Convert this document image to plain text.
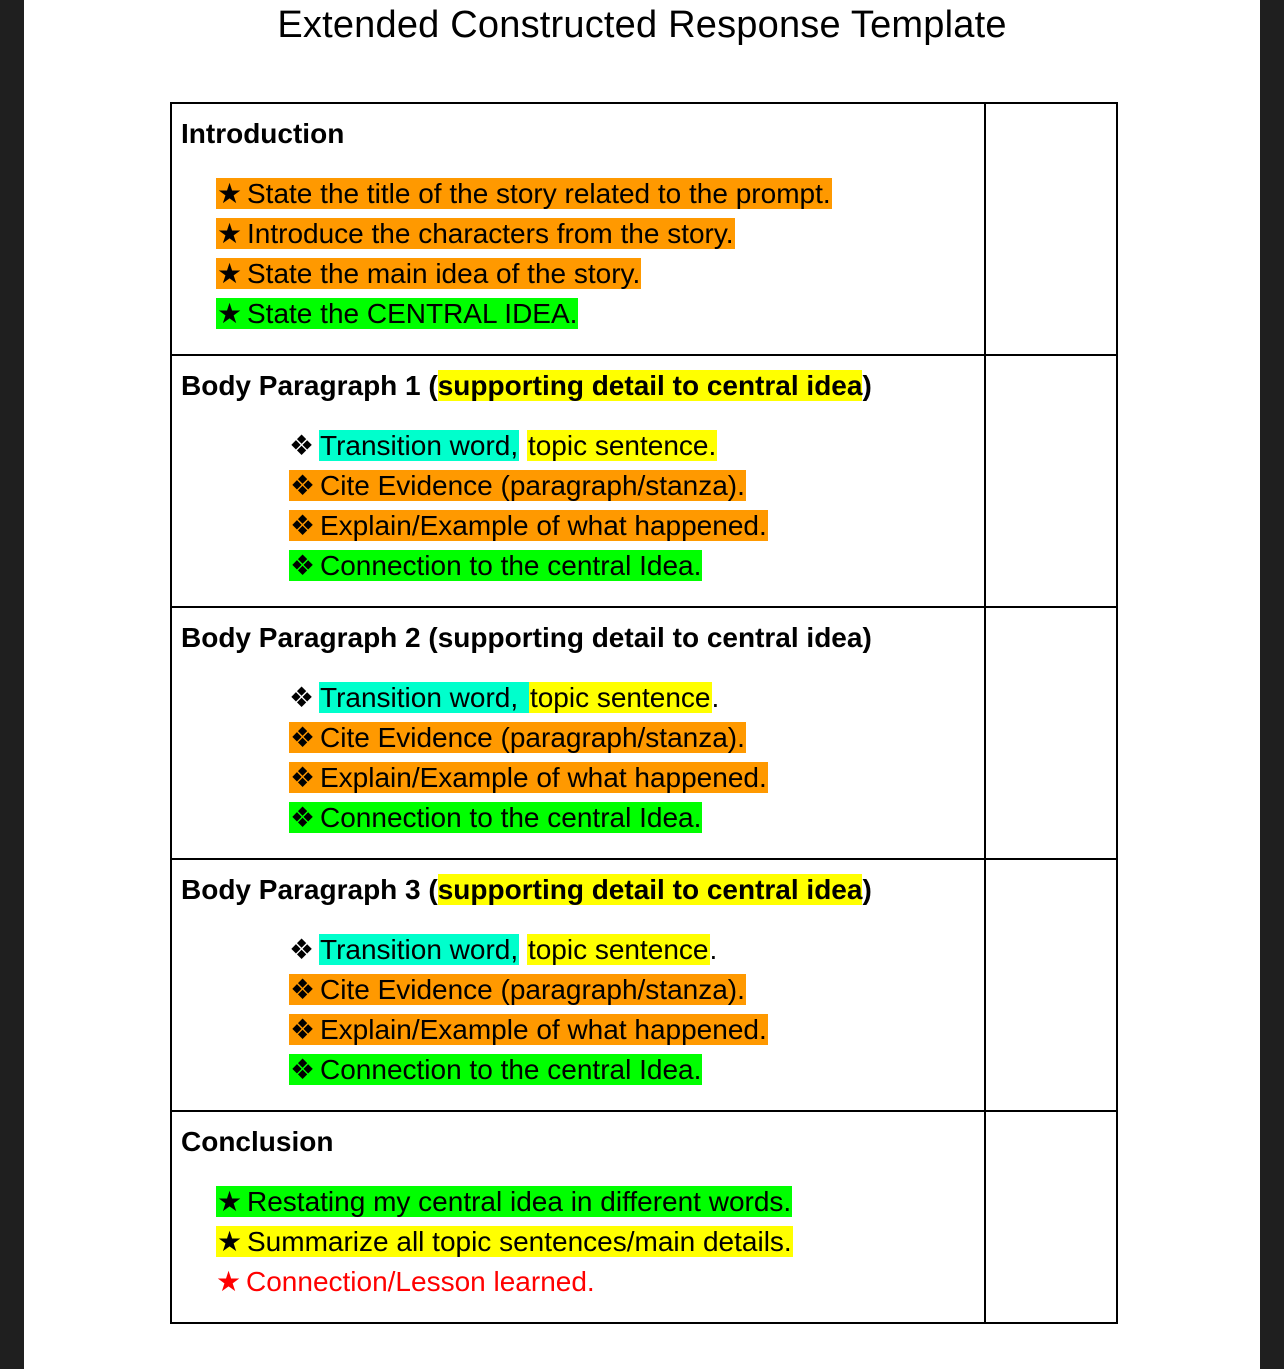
Extended Constructed Response Template
Introduction
★ State the title of the story related to the prompt.
★ Introduce the characters from the story.
★ State the main idea of the story.
★ State the CENTRAL IDEA.	

Body Paragraph 1 (supporting detail to central idea)
❖ Transition word, topic sentence.
❖ Cite Evidence (paragraph/stanza).
❖ Explain/Example of what happened.
❖ Connection to the central Idea.	

Body Paragraph 2 (supporting detail to central idea)
❖ Transition word, topic sentence.
❖ Cite Evidence (paragraph/stanza).
❖ Explain/Example of what happened.
❖ Connection to the central Idea.	

Body Paragraph 3 (supporting detail to central idea)
❖ Transition word, topic sentence.
❖ Cite Evidence (paragraph/stanza).
❖ Explain/Example of what happened.
❖ Connection to the central Idea.	

Conclusion
★ Restating my central idea in different words.
★ Summarize all topic sentences/main details.
★ Connection/Lesson learned.	
